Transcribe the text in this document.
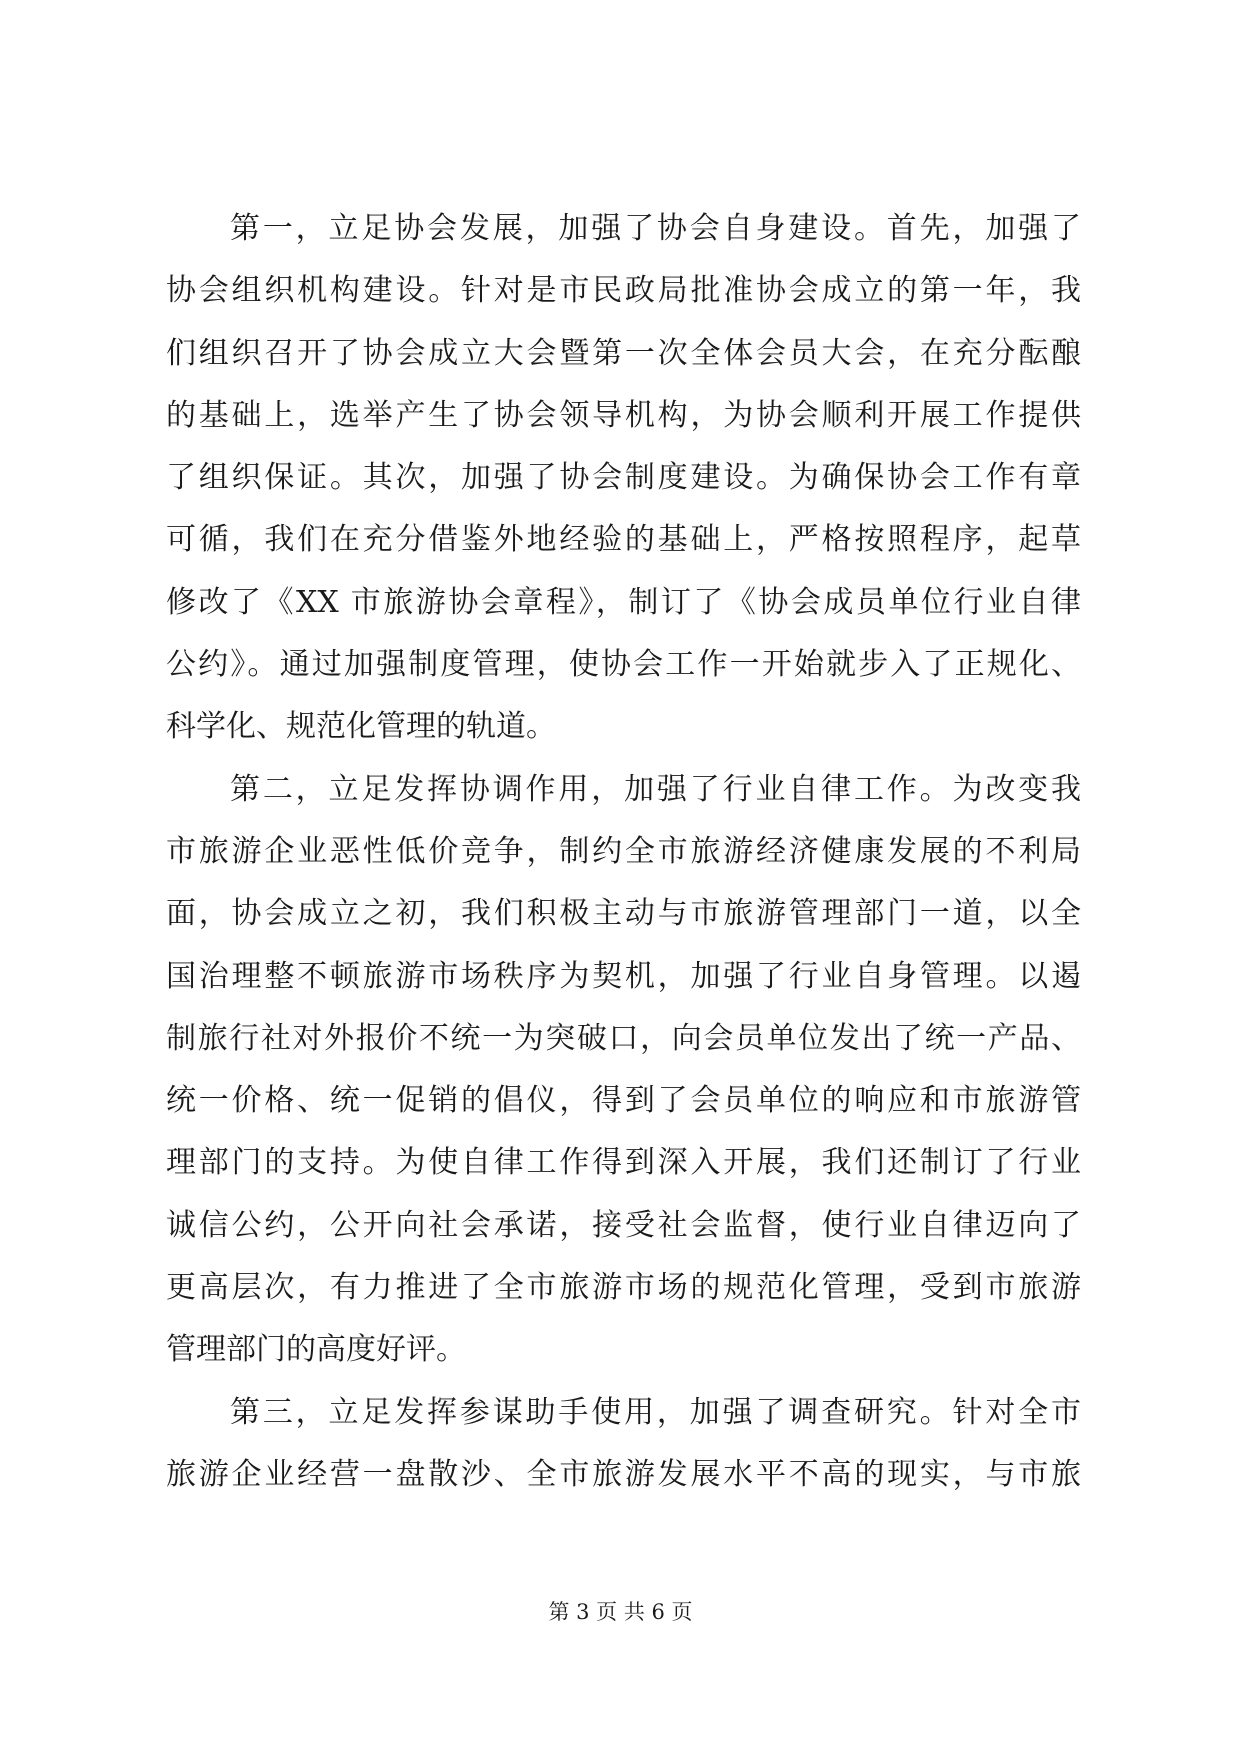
第一，立足协会发展，加强了协会自身建设。首先，加强了
协会组织机构建设。针对是市民政局批准协会成立的第一年，我
们组织召开了协会成立大会暨第一次全体会员大会，在充分酝酿
的基础上，选举产生了协会领导机构，为协会顺利开展工作提供
了组织保证。其次，加强了协会制度建设。为确保协会工作有章
可循，我们在充分借鉴外地经验的基础上，严格按照程序，起草
修改了《XX 市旅游协会章程》，制订了《协会成员单位行业自律
公约》。通过加强制度管理，使协会工作一开始就步入了正规化、
科学化、规范化管理的轨道。
第二，立足发挥协调作用，加强了行业自律工作。为改变我
市旅游企业恶性低价竞争，制约全市旅游经济健康发展的不利局
面，协会成立之初，我们积极主动与市旅游管理部门一道，以全
国治理整不顿旅游市场秩序为契机，加强了行业自身管理。以遏
制旅行社对外报价不统一为突破口，向会员单位发出了统一产品、
统一价格、统一促销的倡仪，得到了会员单位的响应和市旅游管
理部门的支持。为使自律工作得到深入开展，我们还制订了行业
诚信公约，公开向社会承诺，接受社会监督，使行业自律迈向了
更高层次，有力推进了全市旅游市场的规范化管理，受到市旅游
管理部门的高度好评。
第三，立足发挥参谋助手使用，加强了调查研究。针对全市
旅游企业经营一盘散沙、全市旅游发展水平不高的现实，与市旅
第 3 页 共 6 页
